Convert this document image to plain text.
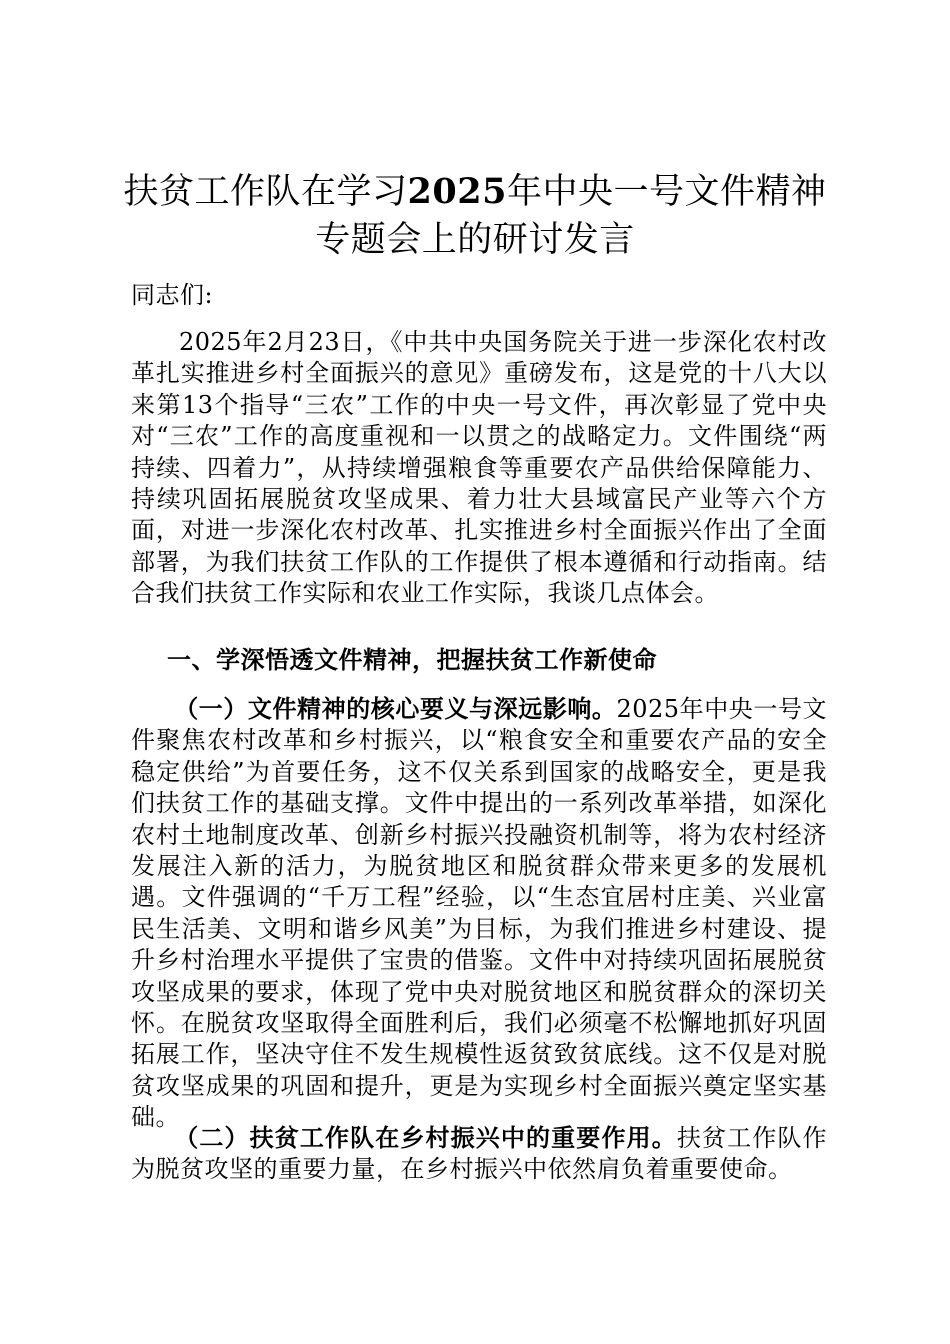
扶贫工作队在学习2025年中央一号文件精神
专题会上的研讨发言
同志们:
2025年2月23日，《中共中央国务院关于进一步深化农村改革扎实推进乡村全面振兴的意见》重磅发布，这是党的十八大以来第13个指导“三农”工作的中央一号文件，再次彰显了党中央对“三农”工作的高度重视和一以贯之的战略定力。文件围绕“两持续、四着力”，从持续增强粮食等重要农产品供给保障能力、持续巩固拓展脱贫攻坚成果、着力壮大县域富民产业等六个方面，对进一步深化农村改革、扎实推进乡村全面振兴作出了全面部署，为我们扶贫工作队的工作提供了根本遵循和行动指南。结合我们扶贫工作实际和农业工作实际，我谈几点体会。
一、学深悟透文件精神，把握扶贫工作新使命
（一）文件精神的核心要义与深远影响。2025年中央一号文件聚焦农村改革和乡村振兴，以“粮食安全和重要农产品的安全稳定供给”为首要任务，这不仅关系到国家的战略安全，更是我们扶贫工作的基础支撑。文件中提出的一系列改革举措，如深化农村土地制度改革、创新乡村振兴投融资机制等，将为农村经济发展注入新的活力，为脱贫地区和脱贫群众带来更多的发展机遇。文件强调的“千万工程”经验，以“生态宜居村庄美、兴业富民生活美、文明和谐乡风美”为目标，为我们推进乡村建设、提升乡村治理水平提供了宝贵的借鉴。文件中对持续巩固拓展脱贫攻坚成果的要求，体现了党中央对脱贫地区和脱贫群众的深切关怀。在脱贫攻坚取得全面胜利后，我们必须毫不松懈地抓好巩固拓展工作，坚决守住不发生规模性返贫致贫底线。这不仅是对脱贫攻坚成果的巩固和提升，更是为实现乡村全面振兴奠定坚实基础。
（二）扶贫工作队在乡村振兴中的重要作用。扶贫工作队作为脱贫攻坚的重要力量，在乡村振兴中依然肩负着重要使命。
